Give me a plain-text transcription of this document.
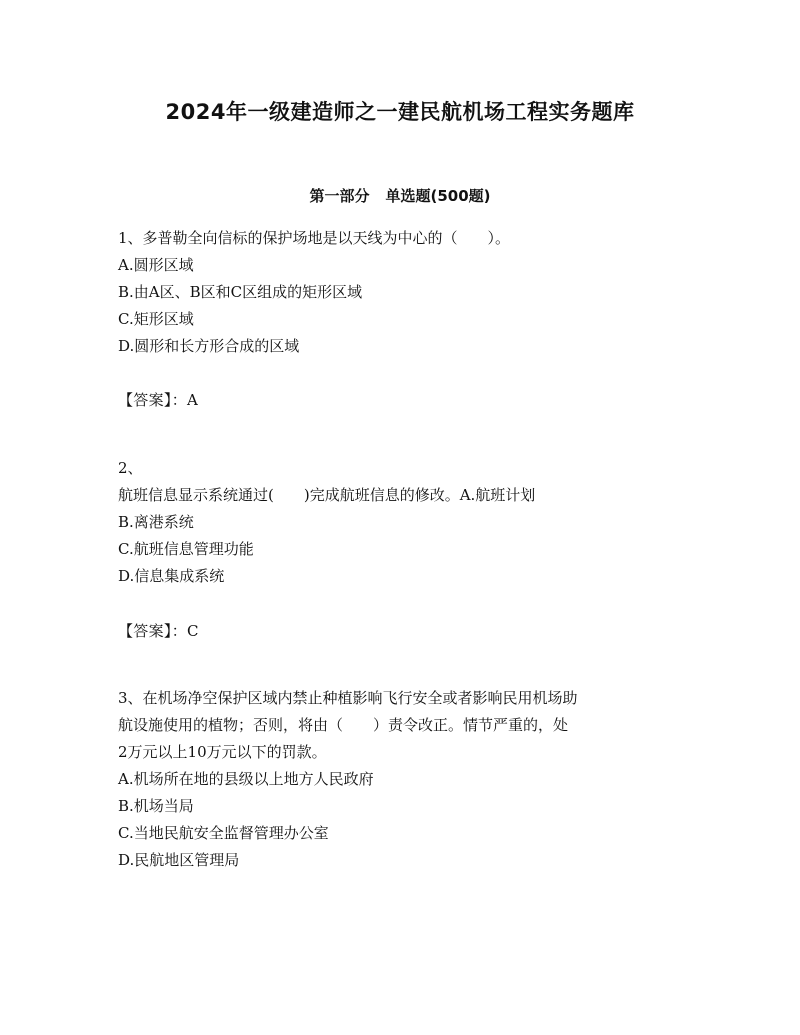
2024年一级建造师之一建民航机场工程实务题库
第一部分 单选题(500题)
1、多普勒全向信标的保护场地是以天线为中心的（　　）。
A.圆形区域
B.由A区、B区和C区组成的矩形区域
C.矩形区域
D.圆形和长方形合成的区域
【答案】：A
2、
航班信息显示系统通过(　　)完成航班信息的修改。A.航班计划
B.离港系统
C.航班信息管理功能
D.信息集成系统
【答案】：C
3、在机场净空保护区域内禁止种植影响飞行安全或者影响民用机场助
航设施使用的植物；否则，将由（　　）责令改正。情节严重的，处
2万元以上10万元以下的罚款。
A.机场所在地的县级以上地方人民政府
B.机场当局
C.当地民航安全监督管理办公室
D.民航地区管理局
